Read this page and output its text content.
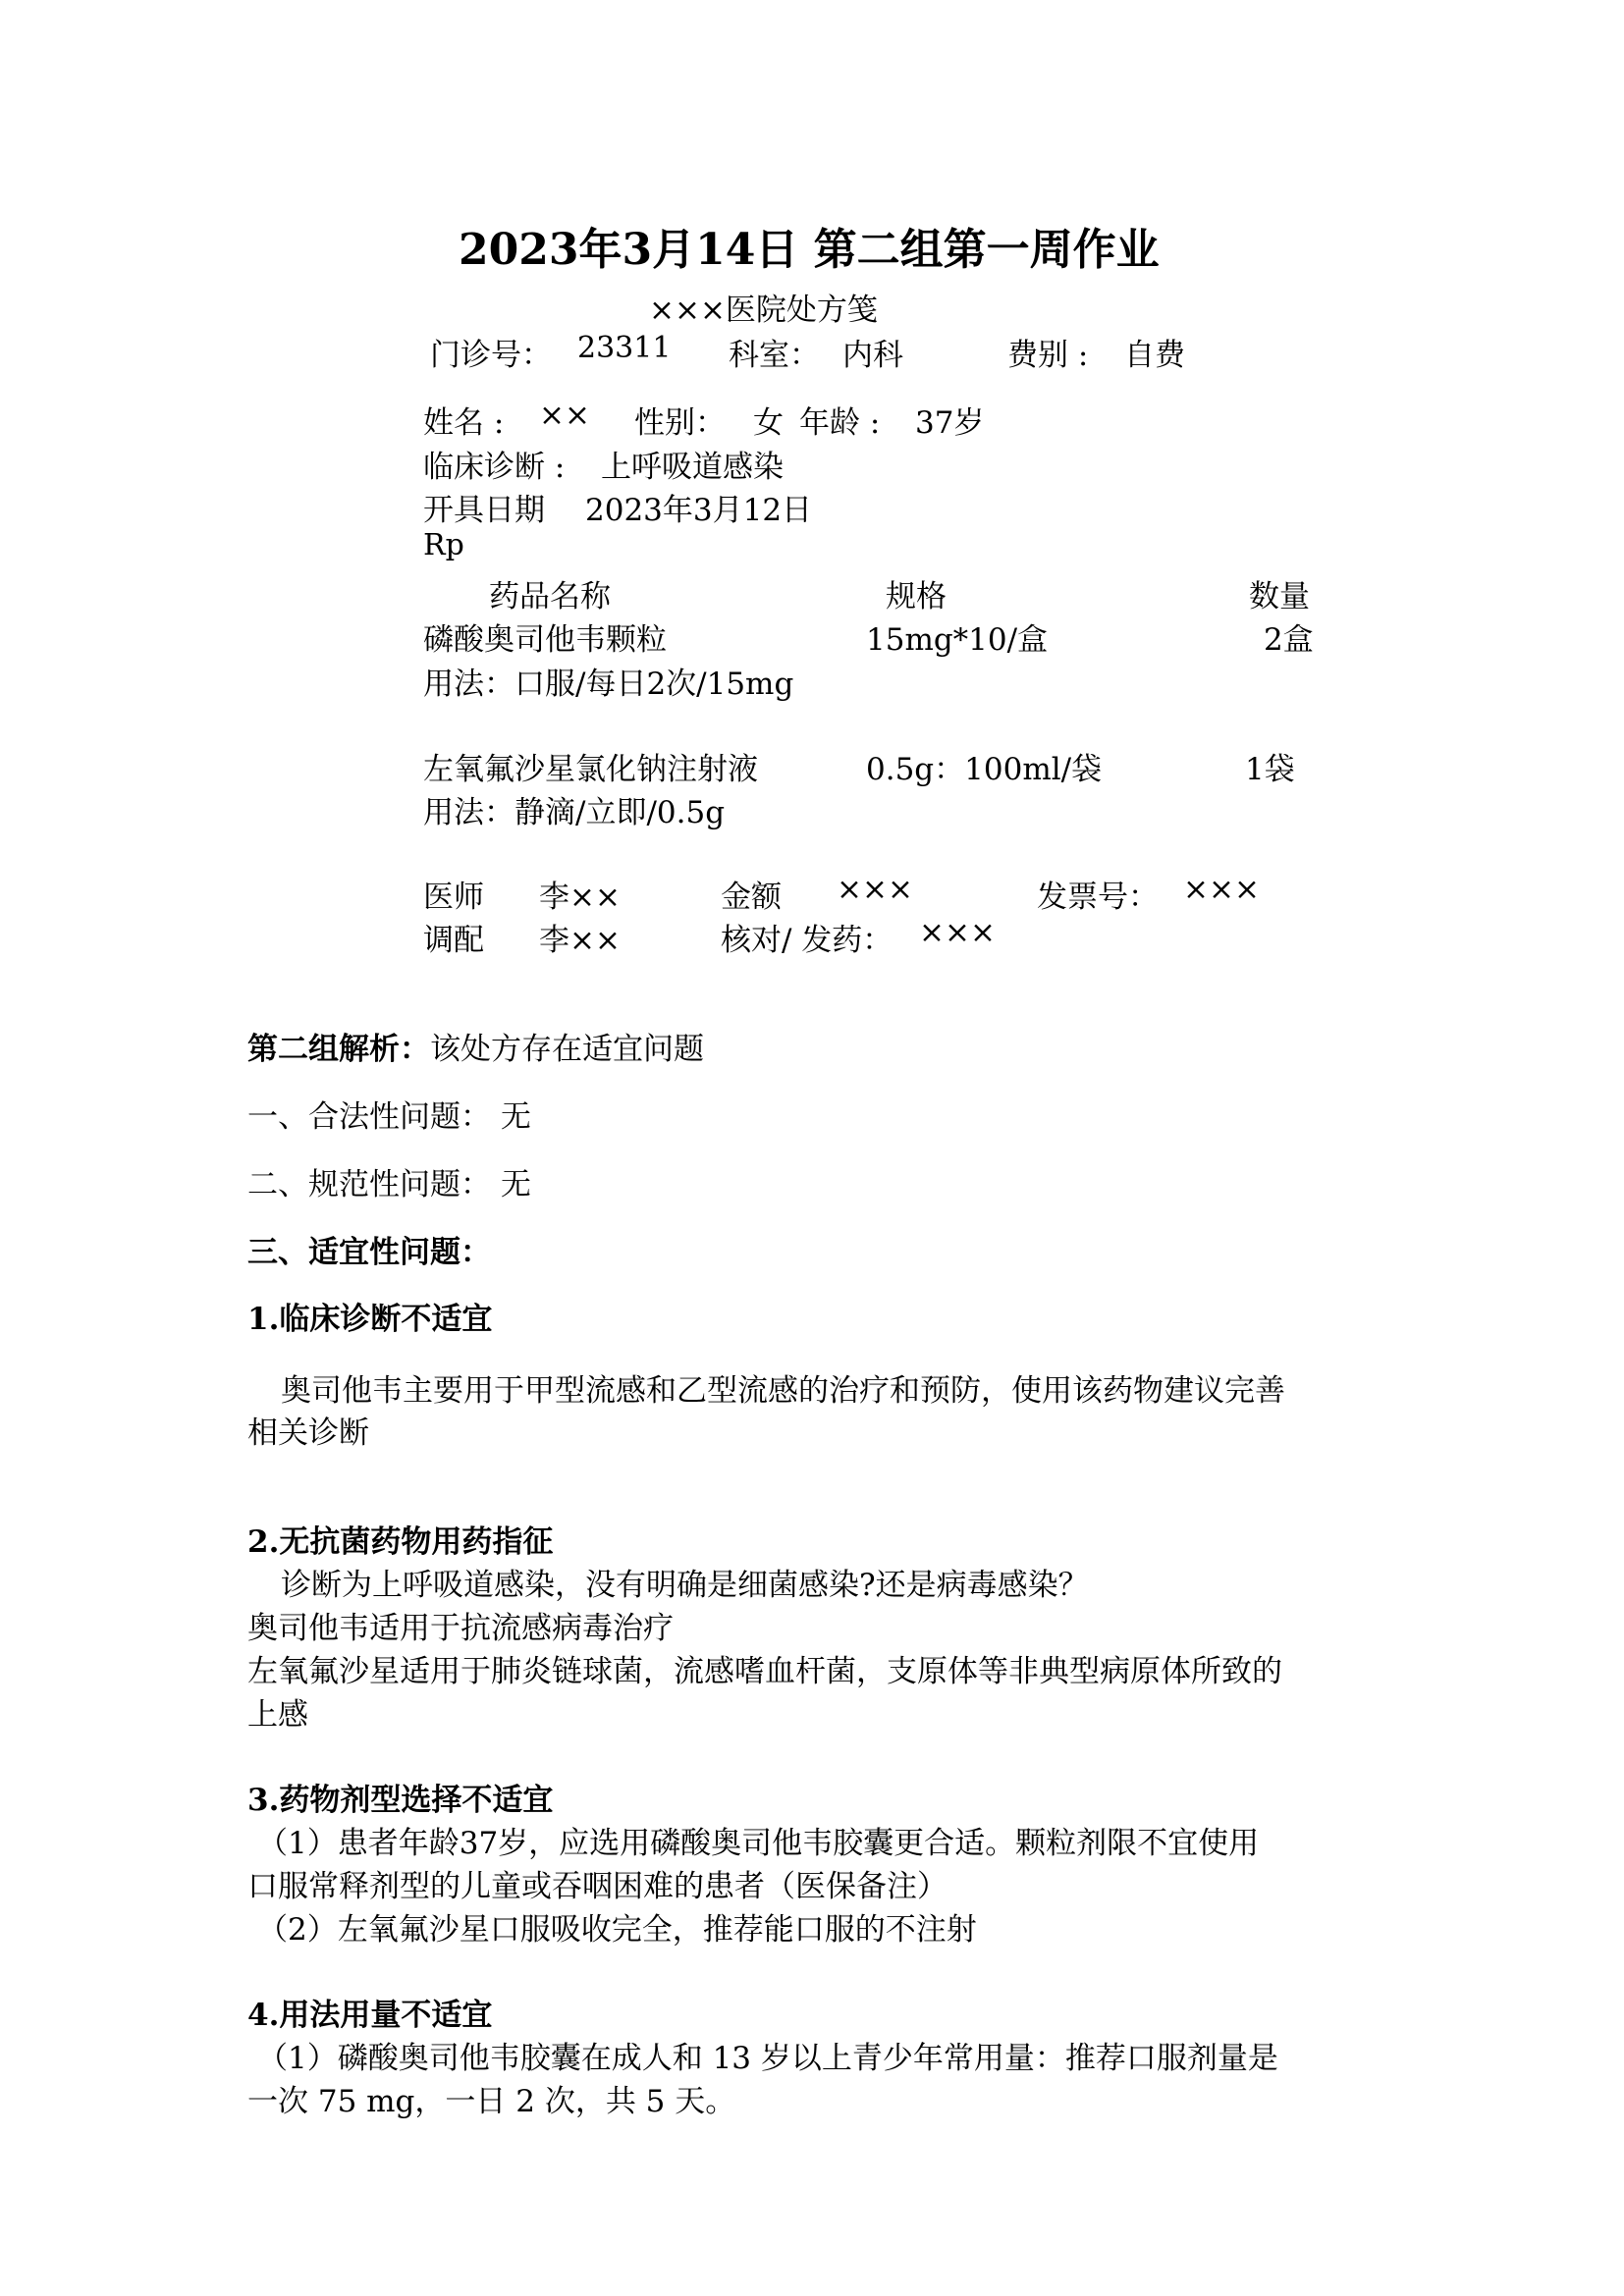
2023年3月14日 第二组第一周作业
×××医院处方笺
门诊号： 23311 科室： 内科	费别 : 自费
姓名 : ×× 性别： 女 年龄 : 37岁
临床诊断 : 上呼吸道感染
开具日期 2023年3月12日
Rp
药品名称	规格	数量
磷酸奥司他韦颗粒	15mg*10/盒	2盒
用法：口服/每日2次/15mg
左氧氟沙星氯化钠注射液	0.5g：100ml/袋	1袋
用法：静滴/立即/0.5g
医师 李××	金额 ×××	发票号： ×××
调配 李××	核对/ 发药： ×××
第二组解析：该处方存在适宜问题
一、合法性问题： 无
二、规范性问题： 无
三、适宜性问题：
1.临床诊断不适宜
奥司他韦主要用于甲型流感和乙型流感的治疗和预防，使用该药物建议完善
相关诊断
2.无抗菌药物用药指征
诊断为上呼吸道感染，没有明确是细菌感染?还是病毒感染？
奥司他韦适用于抗流感病毒治疗
左氧氟沙星适用于肺炎链球菌，流感嗜血杆菌，支原体等非典型病原体所致的
上感
3.药物剂型选择不适宜
（1）患者年龄37岁，应选用磷酸奥司他韦胶囊更合适。颗粒剂限不宜使用
口服常释剂型的儿童或吞咽困难的患者（医保备注）
（2）左氧氟沙星口服吸收完全，推荐能口服的不注射
4.用法用量不适宜
（1）磷酸奥司他韦胶囊在成人和 13 岁以上青少年常用量：推荐口服剂量是
一次 75 mg，一日 2 次，共 5 天。
